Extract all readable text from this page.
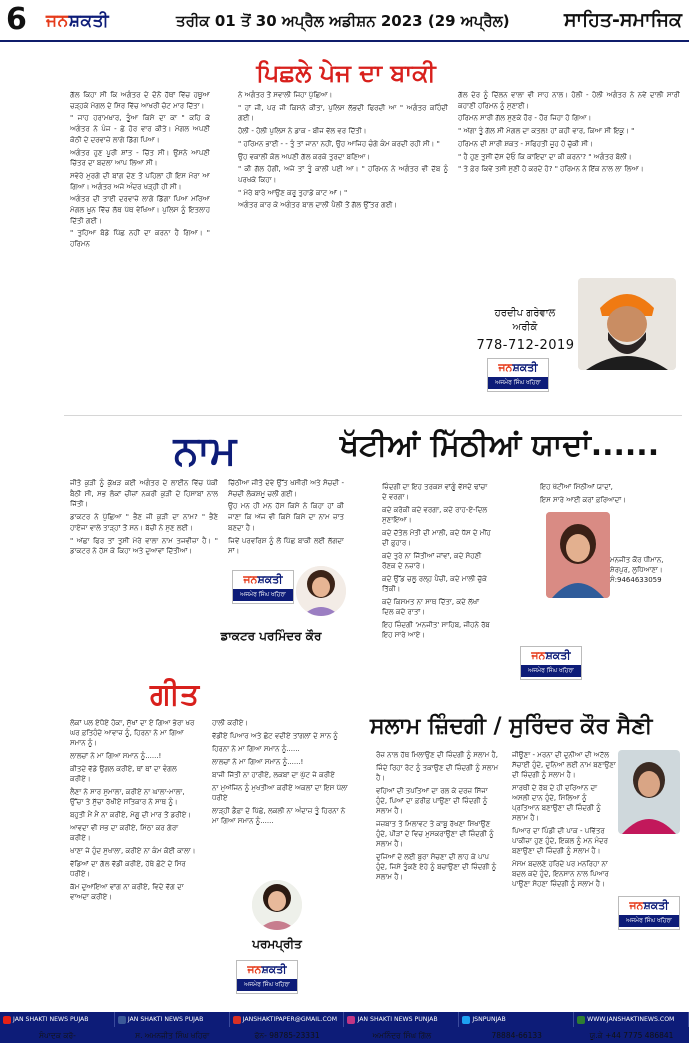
6	ਜਨਸ਼ਕਤੀ	ਤਰੀਕ 01 ਤੋਂ 30 ਅਪ੍ਰੈਲ ਅਡੀਸ਼ਨ 2023 (29 ਅਪ੍ਰੈਲ)	ਸਾਹਿਤ-ਸਮਾਜਿਕ
ਪਿਛਲੇ ਪੇਜ ਦਾ ਬਾਕੀ

ਗੱਲ ਕਿਹਾ ਸੀ ਕਿ ਅਗੰਤਰ ਦੇ ਦੋਨੋਂ ਹੱਥਾਂ ਵਿੱਚ ਹਥੂਆ ਚੜ੍ਹਕੇ ਮੋਗਲ ਦੇ ਸਿਰ ਵਿੱਚ ਆਖਰੀ ਚੋਟ ਮਾਰ ਦਿੱਤਾ।

" ਜਾਹ ਹਰਾਮਖ਼ਾਰ, ਤੂੰਆ ਕਿਸੇ ਦਾ ਕਾ " ਕਹਿ ਕੇ ਅਗੰਤਰ ਨੇ ਪੰਜ - ਛੇ ਹੋਰ ਵਾਰ ਕੀਤੇ। ਮੋਗਲ ਅਪਣੀ ਕੋਠੀ ਦੇ ਦਰਵਾਜ਼ੇ ਲਾਗੇ ਡਿੱਗ ਪਿਆ।

ਅਗੰਤਰ ਹੁਣ ਪੂਰੀ ਸ਼ਾਂਤ - ਚਿੱਤ ਸੀ। ਉਸਨੇ ਆਪਣੀ ਚਿੱਤਰ ਦਾ ਬਦਲਾ ਆਪ ਲਿਆ ਸੀ।

ਸਵੇਰੇ ਮੁਰਗੇ ਦੀ ਬਾਂਗ ਦੇਣ ਤੋਂ ਪਹਿਲਾਂ ਹੀ ਇਸ ਮੋਰਾ ਆ ਗਿਆ। ਅਗੰਤਰ ਅਜੇ ਅੰਦਰ ਖੜ੍ਹੀ ਹੀ ਸੀ।

ਅਗੰਤਰ ਦੀ ਤਾਈ ਦਰਵਾਜ਼ੇ ਲਾਗੇ ਡਿੱਗਾ ਪਿਆ ਮਰਿਆ ਮੋਗਲ ਖ਼ੂਨ ਵਿੱਚ ਲੱਥ ਪੱਥ ਵੇਖਿਆ। ਪੁਲਿਸ ਨੂੰ ਇਤਲਾਹ ਦਿੱਤੀ ਗਈ।

" ਤੁਹਿਆ ਬੋਡੇ ਪਿੱਛ ਨਹੀਂ ਦਾ ਕਰਨਾ ਹੈ ਗਿਆ। " ਹਰਿਮਨ

ਨੇ ਅਗੰਤਰ ਤੋਂ ਸਵਾਲੀ ਜਿਹਾ ਪੁੱਛਿਆ।

" ਹਾਂ ਜੀ, ਪਰ ਜੀ ਕਿਸਨੇ ਕੀਤਾ, ਪੁਲਿਸ ਲੱਭਦੀ ਫਿਰਦੀ ਆ " ਅਗੰਤਰ ਕਹਿੰਦੀ ਗਈ।

ਹੋਲੀ - ਹੋਲੀ ਪੁਲਿਸ ਨੇ ਡਾਕ - ਬੀਜ ਵੱਲ ਵਰ ਦਿੱਤੀ।

" ਹਰਿਮਨ ਭਾਈ - - ਤੁੰ ਤਾਂ ਜਾਨਾ ਨਹੀਂ, ਉਹ ਆਜਿਹ ਚੰਗੇ ਕੰਮ ਕਰਦੀ ਰਹੀ ਸੀ। "

ਉਹ ਵਕਾਲੀ ਕੋਲ ਅਪਣੀ ਗੱਲ ਕਰਕੇ ਤੁਰਦਾ ਬਣਿਆ।

" ਕੀ ਗੱਲ ਹੋਗੀ, ਅਜੇ ਤਾਂ ਤੂੰ ਕਾਲੀ ਪਈ ਆ। " ਹਰਿਮਨ ਨੇ ਅਗੰਤਰ ਵੀ ਦੱਬ ਨੂੰ ਪਰਖਕੇ ਕਿਹਾ।

" ਮੇਰੇ ਬਾਰੇ ਆਉਣ ਕਰੂ ਤੁਹਾਡੇ ਕਾਟ ਆਂ। "

ਅਗੰਤਰ ਕਾਰ ਕੇ ਅਗੰਤਰ ਬਾਲ ਦਾਲੀ ਪੈਲੀ ਤੋਂ ਗੱਲ ਉੱਤਰ ਗਈ।

ਗੱਲ ਦੇਰ ਨੂੰ ਦਿੱਲਨ ਵਾਲਾ ਵੀ ਸਾਹ ਨਾਲ। ਹੋਲੀ - ਹੋਲੀ ਅਗੰਤਰ ਨੇ ਨਵੇਂ ਦਾਲੀ ਸਾਰੀ ਕਹਾਣੀ ਹਰਿਮਨ ਨੂੰ ਸੁਣਾਈ।

ਹਰਿਮਨ ਸਾਰੀ ਗੱਲ ਸੁਣਕੇ ਹੌਰ - ਹੌਰ ਜਿਹਾ ਹੋ ਗਿਆ।

" ਅੱਗਾ ਤੂੰ ਗੱਲ ਸੀ ਮੋਗਲ ਦਾ ਕਤਲ! ਹਾਂ ਕਹੀ ਵਾਰ, ਕਿਆ ਸੀ ਇਕੂ। "

ਹਰਿਮਨ ਦੀ ਸਾਰੀ ਸ਼ਕਤ - ਸਫਿਹਤੀ ਜੂਹ ਹੋ ਚੁੱਕੀ ਸੀ।

" ਹੈ ਹੁਣ ਤੁਸੀਂ ਦੱਸ ਦੇਓ ਕਿ ਕਾਇਦਾ ਦਾ ਕੀ ਕਰਨਾ? " ਅਗੰਤਰ ਬੋਲੀ।

" ਤੇ ਫ਼ੇਰ ਕਿਵੇਂ ਤਸੀ ਸੁਣੀ ਹੋ ਕਰਦੇ ਹੋ? " ਹਰਿਮਨ ਨੇ ਇੱਕ ਨਾਲ ਲਾ ਲਿਆ।

ਹਰਦੀਪ ਗਰੇਵਾਲ
ਅਰੀਕੋ
778-712-2019
ਜਨਸ਼ਕਤੀ
ਅਜਮੇਰ ਸਿੰਘ ਖਹਿਰਾ
ਨਾਮ

ਜੀਤੋ ਕੁੜੀ ਨੂੰ ਕੁੱਖ਼ੜ ਕਈ ਅਗੰਤਰ ਦੇ ਲਾਈਨ ਵਿੱਚ ਪੱਕੀ ਬੈਠੀ ਸੀ, ਸਭ ਲੋਕਾਂ ਚੀਜ਼ਾਂ ਨਕਰੀ ਕੁੜੀ ਦੇ ਹਿਸਾਬਾਂ ਨਾਲ ਜਿੱਤੀ।

ਡਾਕਟਰ ਨੇ ਪੁੱਛਿਆ " ਭੈਣ ਜੀ ਕੁੜੀ ਦਾ ਨਾਮ? " ਭੈਣੇ ਹਾਏਜਾ ਵਾਲੇ ਤਾੜ੍ਹਾਂ ਤੋਂ ਸਨ। ਬੱਚੀ ਨੇ ਸੁਣ ਲਈ।

" ਅੱਛਾ ਫਿਰ ਤਾਂ ਤੁਸੀਂ ਮੇਰੇ ਵਾਲਾ ਨਾਮ ਤਜਵੀਜ਼ਾ ਹੈ। " ਡਾਕਟਰ ਨੇ ਹੱਸ ਕੇ ਕਿਹਾ ਅਤੇ ਦੁਆਵਾਂ ਦਿੱਤੀਆਂ।

ਚਿੱਠੀਆ ਜੀਤੋ ਦੇਵੇ ਉੱਤ ਖਸੀਰੀ ਅਤੇ ਸੋਚਦੀ - ਸੋਚਦੀ ਲੋਕਸ਼ਮੂ ਚਲੀ ਗਈ।

ਉਹ ਮਨ ਹੀ ਮਨ ਹੱਸ ਕਿਸੇ ਨੇ ਕਿਹਾ ਹਾਂ ਕੀ ਜਾਣਾ ਕਿ ਅੱਜ ਵੀ ਕਿਸੇ ਕਿਸੇ ਦਾ ਨਾਮ ਜ਼ਾਤ ਬਣਦਾ ਹੈ।

ਜਿਵੇਂ ਪਰਵਰਿਸ਼ ਨੂੰ ਲੋਂ ਪਿੱਛ ਬਾਕੀ ਲਈ ਲੱਗਦਾ ਸਾਂ।

ਜਨਸ਼ਕਤੀ
ਅਜਮੇਰ ਸਿੰਘ ਖਹਿਰਾ
ਡਾਕਟਰ ਪਰਮਿੰਦਰ ਕੌਰ
ਖੱਟੀਆਂ ਮਿੱਠੀਆਂ ਯਾਦਾਂ......

ਜ਼ਿੰਦਗੀ ਦਾ ਇਹ ਤਰਕਸ਼ ਵਾਂਗੂੰ ਵੱਸਦੇ ਢਾਂਚਾ ਦੇ ਵਰਗਾ।

ਕਦੇ ਕਰੋਕੀ ਕਦੇ ਵਰਗਾ, ਕਦੇ ਰਾਹ-ਏ-ਦਿਲ ਸੁਣਾਇਆ।

ਕਦੇ ਦੱਤੇਲ ਮੋਤੀ ਦੀ ਮਾਲੀ, ਕਦੇ ਧੱਸ ਦੇ ਮੀਂਹ ਦੀ ਫ਼ੁਹਾਰ।

ਕਦੇ ਤੁਰੇ ਨਾ ਜਿੱਤੀਆਂ ਜਾਂਵਾਂ, ਕਦੇ ਸੋਹਣੀ ਰੌਣਕ ਦੇ ਨਜ਼ਾਰੇ।

ਕਦੇ ਉੱਡ ਚਲੂ ਰਲ੍ਹ ਪੈਂਚੀ, ਕਦੇ ਮਾਲੀ ਚੁੱਕੇ ਤਿੱਕੀ।

ਕਦੇ ਕਿਸਮਤ ਨਾ ਸਾਥ ਦਿੱਤਾ, ਕਦੇ ਲੱਖਾਂ ਦਿਲ ਕਦੇ ਰਾਤਾਂ।

ਇਹ ਜ਼ਿੰਦਗੀ 'ਮਨਜੀਤ' ਸਾਹਿਬ, ਜੀਹਨੇ ਰੱਬ ਇਹ ਸਾਰੇ ਆਏ।

ਇਹ ਖੱਟੀਆਂ ਮਿੱਠੀਆਂ ਯਾਦਾਂ,

ਇਸ ਸਾਰੇ ਆਈ ਕਰਾਂ ਫ਼ਰਿਆਦਾਂ।

ਮਨਜੀਤ ਕੌਰ ਧੀਮਾਨ,
ਸ਼ੇਰਪੁਰ, ਲੁਧਿਆਣਾ।
ਸੰ:9464633059
ਜਨਸ਼ਕਤੀ
ਅਜਮੇਰ ਸਿੰਘ ਖਹਿਰਾ
ਗੀਤ

ਲੋਕਾਂ ਪਲ ਏਧੋਏ ਹੋਕਾ, ਸੁੱਖਾਂ ਦਾ ਏ ਗਿਆ ਭੇਰਾ ਖਰ ਘਰ ਫ਼ਤਿਹੰਦੇ ਆਵਾਜ਼ ਨੂੰ, ਹਿਰਨਾ ਨੇ ਮਾ ਗਿਆ ਸਮਾਨ ਨੂੰ।

ਲਾਲਚਾਂ ਨੇ ਮਾ ਗਿਆ ਸਮਾਨ ਨੂੰ......!

ਕੀਤਦੇ ਵੱਡੇ ਉਗਲ ਕਰੀਏ, ਥਾਂ ਥਾਂ ਦਾ ਵੰਗਲ ਕਰੀਏ।

ਲੈਣਾ ਨੇ ਸਾਰ ਸੁਮਾਲਾ, ਕਰੀਏ ਨਾ ਘਾਲਾ-ਮਾਲਾ, ਉੱਚਾ ਤੇ ਸੁੱਚਾ ਰੱਖੀਏ ਸਤਿਕਾਰ ਨੇ ਸਾਥ ਨੂੰ।

ਬਹੁਤੀ ਮੈਂ ਮੈਂ ਨਾ ਕਰੀਏ, ਮੋਗੂ ਦੀ ਮਾਰ ਤੋਂ ਡਰੀਏ।

ਆਵਦਾ ਵੀ ਸਭ ਦਾ ਕਰੀਏ, ਮਿੱਠਾ ਕਰ ਗੇਰਾ ਕਰੀਏ।

ਖਾਣਾ ਜੇ ਹੁੰਦ ਸੁਖਾਲਾ, ਕਰੀਏ ਨਾ ਕੰਮ ਕੋਈ ਕਾਲਾ।

ਵੱਡਿਆਂ ਦਾ ਗੱਲ ਵੱਡੀ ਕਰੀਏ, ਹੱਥੇ ਛੋਟੇ ਦੇ ਸਿਰ ਧਰੀਏ।

ਕੱਮ ਦੁਆਇਆ ਵਾਂਗ ਨਾ ਕਰੀਏ, ਵਿਦੇ ਵੱਗ ਦਾ ਵਾਅਦਾ ਕਰੀਏ।

ਹਾਲੀ ਕਰੀਏ।

ਵੱਡੀਏ ਪਿਆਰ ਅਤੇ ਛੋਟ ਵਦੀਏ ਤਾਂਗਲਾਂ ਦੇ ਸਾਨ ਨੂੰ

ਹਿਰਨਾ ਨੇ ਮਾ ਗਿਆ ਸਮਾਨ ਨੂੰ......

ਲਾਲਚਾਂ ਨੇ ਮਾ ਗਿਆ ਸਮਾਨ ਨੂੰ......!

ਬਾਜੀ ਜਿੱਤੀ ਨਾ ਹਾਰੀਏ, ਲਕਬਾਂ ਦਾ ਘੁੱਟ ਜੇ ਕਰੀਏ

ਨਾ ਮੁਅੱਜਿਨ ਨੂੰ ਮੁਖਤੀਆ ਕਰੀਏ ਅਕਲਾਂ ਦਾ ਇਸ ਪੱਲਾ ਧਰੀਏ

ਲਾੜ੍ਹੀ ਡੈਫ਼ਾ ਦੇ ਪਿੱਛੇ, ਲਕਲੀ ਨਾ ਅੰਦਾਜ਼ ਤੂੰ ਹਿਰਨਾ ਨੇ ਮਾ ਗਿਆ ਸਮਾਨ ਨੂੰ......

ਪਰਮਪ੍ਰੀਤ
ਜਨਸ਼ਕਤੀ
ਅਜਮੇਰ ਸਿੰਘ ਖਹਿਰਾ
ਸਲਾਮ ਜ਼ਿੰਦਗੀ / ਸੁਰਿੰਦਰ ਕੌਰ ਸੈਣੀ

ਰੋਜ਼ ਨਾਲ ਹੱਥ ਮਿਲਾਉਣ ਦੀ ਜ਼ਿੰਦਗੀ ਨੂੰ ਸਲਾਮ ਹੈ,

ਜਿੰਦੇ ਰਿਹਾ ਰੋਟ ਨੂੰ ਤਕਾਉਣ ਦੀ ਜ਼ਿੰਦਗੀ ਨੂੰ ਸਲਾਮ ਹੈ।

ਵਹਿਆਂ ਦੀ ਤਪਤਿਆਂ ਦਾ ਰਲ ਕੇ ਦਰਜ਼ ਸਿੱਜਾ ਹੁੰਦੇ, ਪਿਆਂ ਦਾ ਫ਼ਰੀਫ਼ ਪਾਉਣਾ ਦੀ ਜ਼ਿੰਦਗੀ ਨੂੰ ਸਲਾਮ ਹੈ।

ਜਜ਼ਬਾਤ ਤੇ ਮਿਲਾਵਟ ਤੇ ਕਾਬੂ ਰੱਖਣਾ ਸਿਖਾਉਣ ਹੁੰਦੇ, ਪੀੜਾਂ ਦੇ ਵਿਚ ਮੁਸਕਰਾਉਣਾ ਦੀ ਜ਼ਿੰਦਗੀ ਨੂੰ ਸਲਾਮ ਹੈ।

ਦੁਜਿਆਂ ਦੇ ਲਈ ਬੁਰਾ ਸੋਚਣਾ ਦੀ ਲਾਹ ਕੇ ਪਾਪ ਹੁੰਦੇ, ਜਿਸੇ ਤੂੰਕਣੋ ਏਹੇ ਨੂੰ ਬਚਾਉਣਾ ਦੀ ਜ਼ਿੰਦਗੀ ਨੂੰ ਸਲਾਮ ਹੈ।

ਜੀਊਣਾ - ਮਰਨਾ ਦੀ ਦੁਨੀਆ ਦੀ ਅਟੱਲ ਸੱਚਾਈ ਹੁੰਦੇ, ਦੁਨਿਆਂ ਲਈ ਨਾਮ ਬਣਾਉਣਾ ਦੀ ਜ਼ਿੰਦਗੀ ਨੂੰ ਸਲਾਮ ਹੈ।

ਸਾਰਥੀ ਦੇ ਰੱਬ ਦੇ ਹੀ ਦਰਿਆਨ ਦਾ ਅਸਲੀ ਦਾਨ ਹੁੰਦੇ, ਮਿੱਲਿਆ ਨੂੰ ਪ੍ਰਤਿਆਨ ਬਣਾਉਣਾ ਦੀ ਜ਼ਿੰਦਗੀ ਨੂੰ ਸਲਾਮ ਹੈ।

ਪਿਆਰ ਦਾ ਪਿੰਡੀ ਦੀ ਪਾਕ - ਪਵਿੱਤਰ ਪਾਕੀਜ਼ਾ ਹੁਣ ਹੁੰਦੇ, ਇਕਲ ਨੂੰ ਮਨ ਮੰਦਰ ਬਣਾਉਣਾ ਦੀ ਜ਼ਿੰਦਗੀ ਨੂੰ ਸਲਾਮ ਹੈ।

ਮੋਸਮ ਬਦਲਣੇ ਹਰਿਦੇ ਪਰ ਮਨਰਿਹਾ ਨਾ ਬਦਲ ਕਦੇ ਹੁੰਦੇ, ਇਨਸਾਨ ਨਾਲ ਪਿਆਰ ਪਾਉਣਾ ਸੋਹਣਾ ਜ਼ਿੰਦਗੀ ਨੂੰ ਸਲਾਮ ਹੈ।

ਜਨਸ਼ਕਤੀ
ਅਜਮੇਰ ਸਿੰਘ ਖਹਿਰਾ
JAN SHAKTI NEWS PUJAB	JAN SHAKTI NEWS PUJAB	JANSHAKTIPAPER@GMAIL.COM	JAN SHAKTI NEWS PUNJAB	JSNPUNJAB	WWW.JANSHAKTINEWS.COM
ਸੰਪਾਦਕ ਕਰੋ-	ਸ. ਅਮਨਜੀਤ ਸਿੰਘ ਖਹਿਰਾ	ਫੋਨ- 98785-23331	ਅਮਨਿੰਦਰ ਸਿੰਘ ਗਿੱਲ	78884-66133	ਯੂ.ਕੇ +44 7775 486841
